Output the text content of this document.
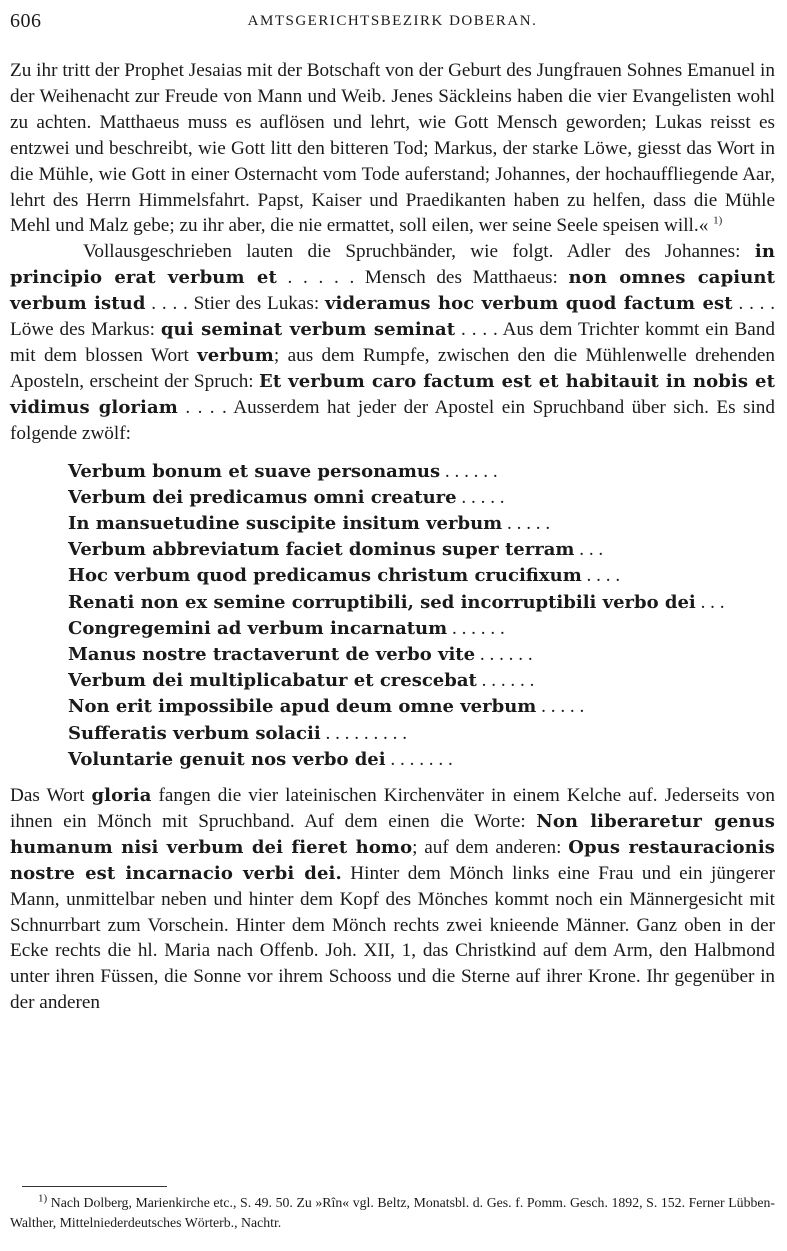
606	AMTSGERICHTSBEZIRK DOBERAN.

Zu ihr tritt der Prophet Jesaias mit der Botschaft von der Geburt des Jungfrauen Sohnes Emanuel in der Weihenacht zur Freude von Mann und Weib. Jenes Säckleins haben die vier Evangelisten wohl zu achten. Matthaeus muss es auflösen und lehrt, wie Gott Mensch geworden; Lukas reisst es entzwei und beschreibt, wie Gott litt den bitteren Tod; Markus, der starke Löwe, giesst das Wort in die Mühle, wie Gott in einer Osternacht vom Tode auferstand; Johannes, der hochauffliegende Aar, lehrt des Herrn Himmelsfahrt. Papst, Kaiser und Praedikanten haben zu helfen, dass die Mühle Mehl und Malz gebe; zu ihr aber, die nie ermattet, soll eilen, wer seine Seele speisen will.« $^{1)}$

Vollausgeschrieben lauten die Spruchbänder, wie folgt. Adler des Johannes: in principio erat verbum et . . . . . Mensch des Matthaeus: non omnes capiunt verbum istud . . . . Stier des Lukas: videramus hoc verbum quod factum est . . . . Löwe des Markus: qui seminat verbum seminat . . . . Aus dem Trichter kommt ein Band mit dem blossen Wort verbum; aus dem Rumpfe, zwischen den die Mühlenwelle drehenden Aposteln, erscheint der Spruch: Et verbum caro factum est et habitauit in nobis et vidimus gloriam . . . . Ausserdem hat jeder der Apostel ein Spruchband über sich. Es sind folgende zwölf:

Verbum bonum et suave personamus . . . . . .
Verbum dei predicamus omni creature . . . . .
In mansuetudine suscipite insitum verbum . . . . .
Verbum abbreviatum faciet dominus super terram . . .
Hoc verbum quod predicamus christum crucifixum . . . .
Renati non ex semine corruptibili, sed incorruptibili verbo dei . . .
Congregemini ad verbum incarnatum . . . . . .
Manus nostre tractaverunt de verbo vite . . . . . .
Verbum dei multiplicabatur et crescebat . . . . . .
Non erit impossibile apud deum omne verbum . . . . .
Sufferatis verbum solacii . . . . . . . . .
Voluntarie genuit nos verbo dei . . . . . . .

Das Wort gloria fangen die vier lateinischen Kirchenväter in einem Kelche auf. Jederseits von ihnen ein Mönch mit Spruchband. Auf dem einen die Worte: Non liberaretur genus humanum nisi verbum dei fieret homo; auf dem anderen: Opus restauracionis nostre est incarnacio verbi dei. Hinter dem Mönch links eine Frau und ein jüngerer Mann, unmittelbar neben und hinter dem Kopf des Mönches kommt noch ein Männergesicht mit Schnurrbart zum Vorschein. Hinter dem Mönch rechts zwei knieende Männer. Ganz oben in der Ecke rechts die hl. Maria nach Offenb. Joh. XII, 1, das Christkind auf dem Arm, den Halbmond unter ihren Füssen, die Sonne vor ihrem Schooss und die Sterne auf ihrer Krone. Ihr gegenüber in der anderen

$^{1)}$ Nach Dolberg, Marienkirche etc., S. 49. 50. Zu »Rîn« vgl. Beltz, Monatsbl. d. Ges. f. Pomm. Gesch. 1892, S. 152. Ferner Lübben-Walther, Mittelniederdeutsches Wörterb., Nachtr.
